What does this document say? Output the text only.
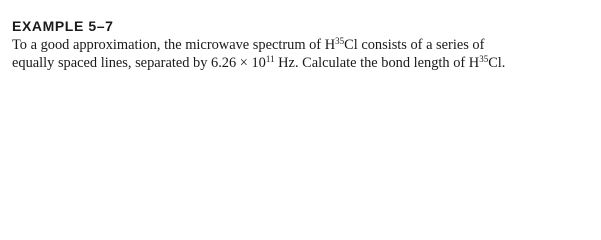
EXAMPLE 5–7

To a good approximation, the microwave spectrum of $H^{35}Cl$ consists of a series of
equally spaced lines, separated by $6.26 \times 10^{11}$ Hz. Calculate the bond length of $H^{35}Cl$.
